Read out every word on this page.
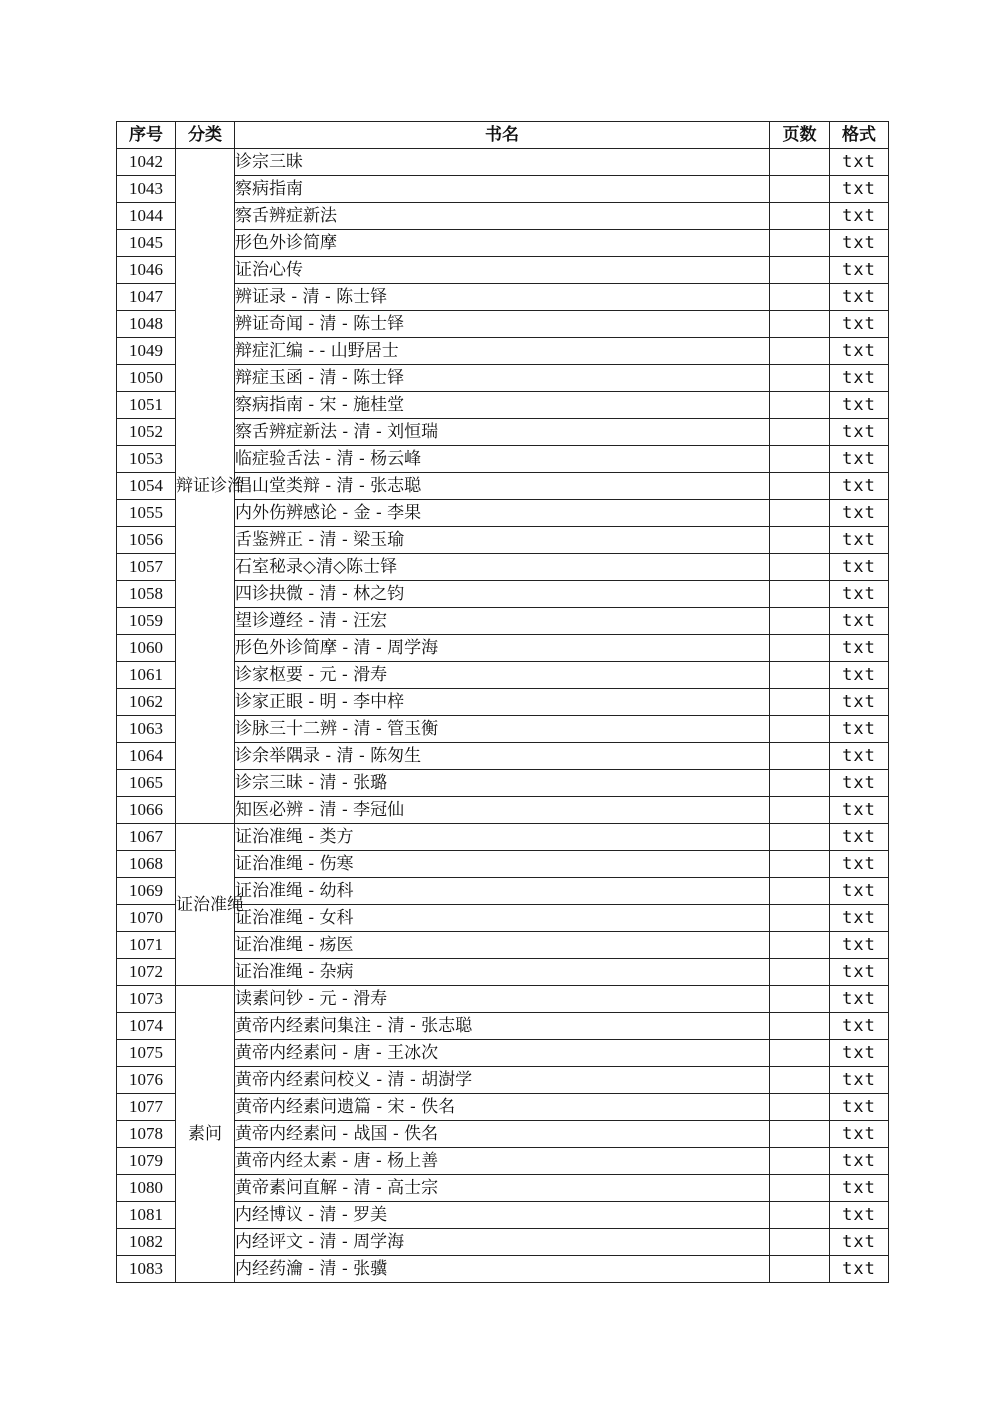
序号	分类	书名	页数	格式
1042	辩证诊治	诊宗三昧		txt
1043		察病指南		txt
1044		察舌辨症新法		txt
1045		形色外诊简摩		txt
1046		证治心传		txt
1047		辨证录 - 清 - 陈士铎		txt
1048		辨证奇闻 - 清 - 陈士铎		txt
1049		辩症汇编 - - 山野居士		txt
1050		辩症玉函 - 清 - 陈士铎		txt
1051		察病指南 - 宋 - 施桂堂		txt
1052		察舌辨症新法 - 清 - 刘恒瑞		txt
1053		临症验舌法 - 清 - 杨云峰		txt
1054		倡山堂类辩 - 清 - 张志聪		txt
1055		内外伤辨感论 - 金 - 李果		txt
1056		舌鉴辨正 - 清 - 梁玉瑜		txt
1057		石室秘录◇清◇陈士铎		txt
1058		四诊抉微 - 清 - 林之钧		txt
1059		望诊遵经 - 清 - 汪宏		txt
1060		形色外诊简摩 - 清 - 周学海		txt
1061		诊家枢要 - 元 - 滑寿		txt
1062		诊家正眼 - 明 - 李中梓		txt
1063		诊脉三十二辨 - 清 - 管玉衡		txt
1064		诊余举隅录 - 清 - 陈匆生		txt
1065		诊宗三昧 - 清 - 张璐		txt
1066		知医必辨 - 清 - 李冠仙		txt
1067	证治准绳	证治准绳 - 类方		txt
1068		证治准绳 - 伤寒		txt
1069		证治准绳 - 幼科		txt
1070		证治准绳 - 女科		txt
1071		证治准绳 - 疡医		txt
1072		证治准绳 - 杂病		txt
1073	素问	读素问钞 - 元 - 滑寿		txt
1074		黄帝内经素问集注 - 清 - 张志聪		txt
1075		黄帝内经素问 - 唐 - 王冰次		txt
1076		黄帝内经素问校义 - 清 - 胡澍学		txt
1077		黄帝内经素问遗篇 - 宋 - 佚名		txt
1078		黄帝内经素问 - 战国 - 佚名		txt
1079		黄帝内经太素 - 唐 - 杨上善		txt
1080		黄帝素问直解 - 清 - 高士宗		txt
1081		内经博议 - 清 - 罗美		txt
1082		内经评文 - 清 - 周学海		txt
1083		内经药瀹 - 清 - 张骥		txt
